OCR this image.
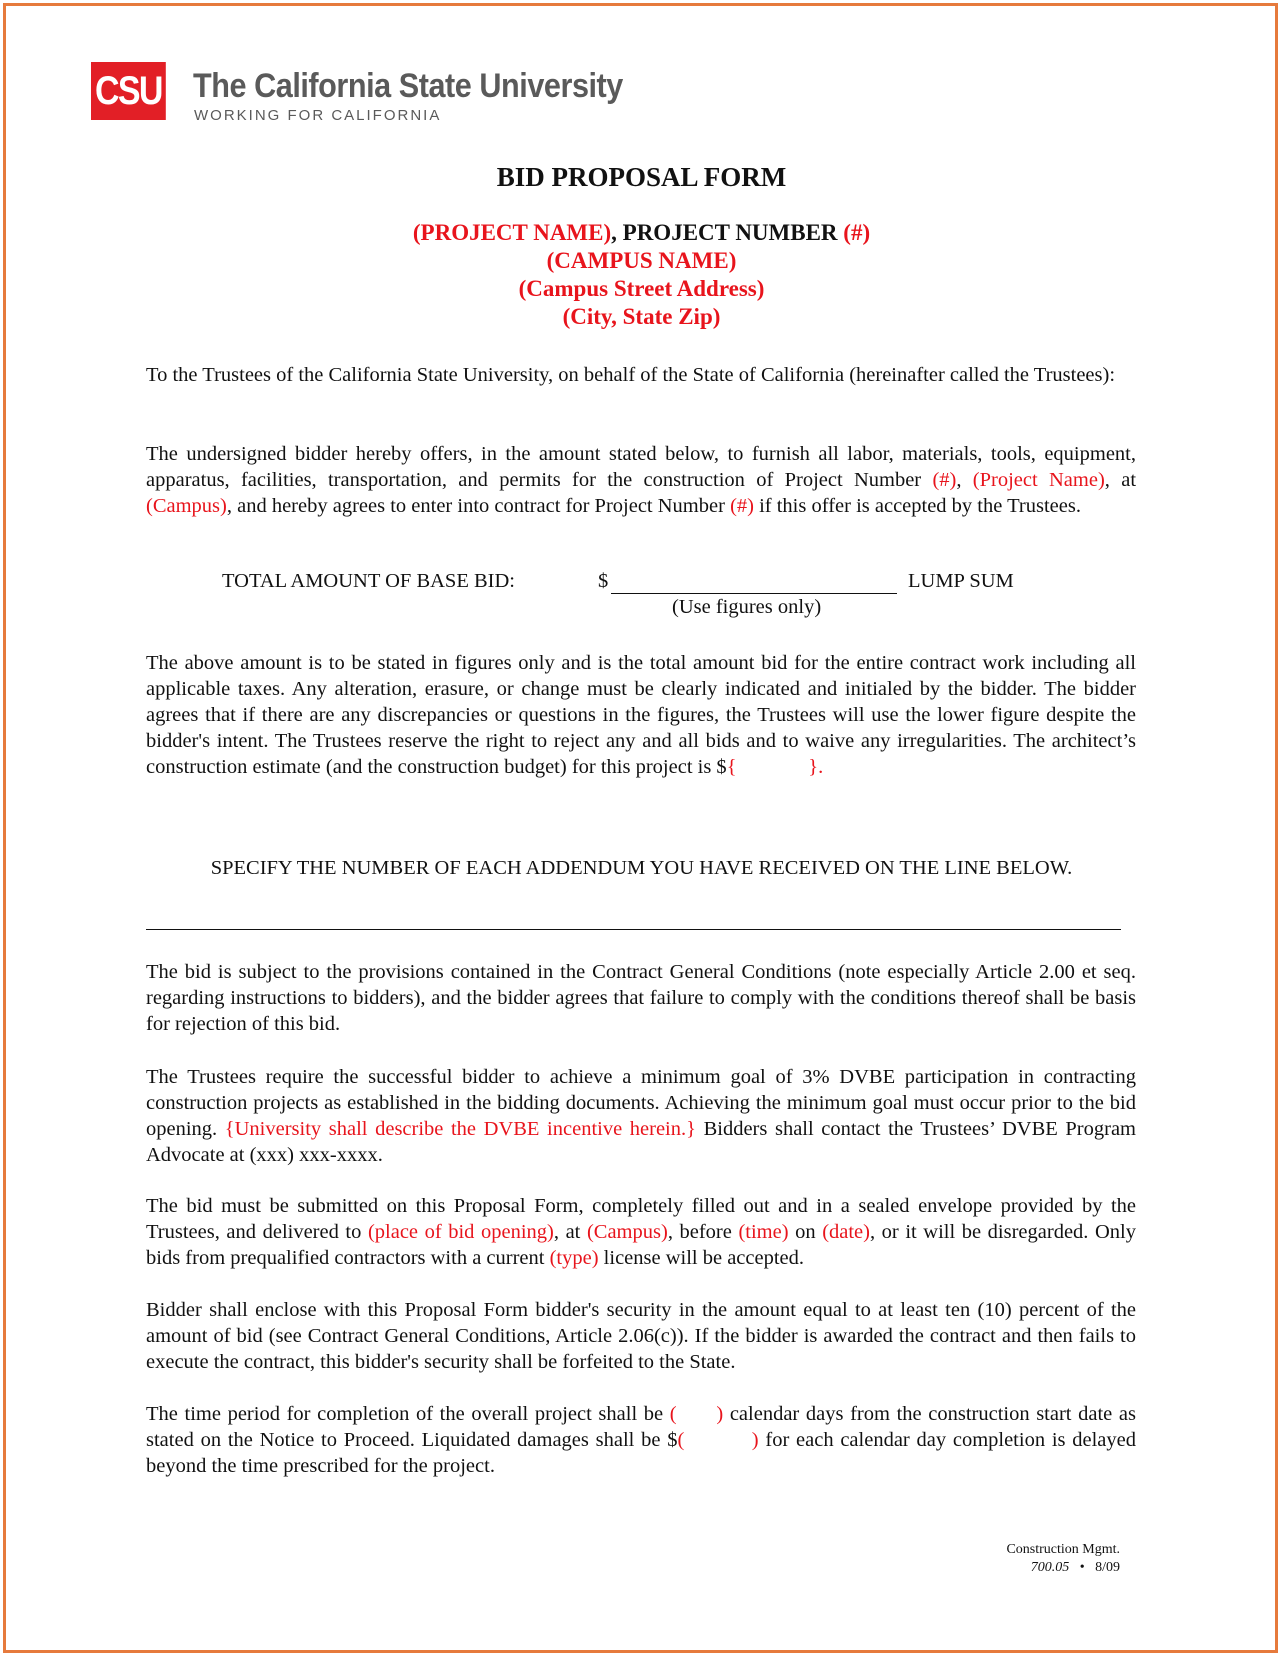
CSU The California State University
WORKING FOR CALIFORNIA
BID PROPOSAL FORM
(PROJECT NAME), PROJECT NUMBER (#)
(CAMPUS NAME)
(Campus Street Address)
(City, State Zip)
To the Trustees of the California State University, on behalf of the State of California (hereinafter called the Trustees):
The undersigned bidder hereby offers, in the amount stated below, to furnish all labor, materials, tools, equipment, apparatus, facilities, transportation, and permits for the construction of Project Number (#), (Project Name), at (Campus), and hereby agrees to enter into contract for Project Number (#) if this offer is accepted by the Trustees.
TOTAL AMOUNT OF BASE BID:	$	LUMP SUM
(Use figures only)
The above amount is to be stated in figures only and is the total amount bid for the entire contract work including all applicable taxes. Any alteration, erasure, or change must be clearly indicated and initialed by the bidder. The bidder agrees that if there are any discrepancies or questions in the figures, the Trustees will use the lower figure despite the bidder's intent. The Trustees reserve the right to reject any and all bids and to waive any irregularities. The architect’s construction estimate (and the construction budget) for this project is ${              }.
SPECIFY THE NUMBER OF EACH ADDENDUM YOU HAVE RECEIVED ON THE LINE BELOW.
The bid is subject to the provisions contained in the Contract General Conditions (note especially Article 2.00 et seq. regarding instructions to bidders), and the bidder agrees that failure to comply with the conditions thereof shall be basis for rejection of this bid.
The Trustees require the successful bidder to achieve a minimum goal of 3% DVBE participation in contracting construction projects as established in the bidding documents. Achieving the minimum goal must occur prior to the bid opening. {University shall describe the DVBE incentive herein.} Bidders shall contact the Trustees’ DVBE Program Advocate at (xxx) xxx-xxxx.
The bid must be submitted on this Proposal Form, completely filled out and in a sealed envelope provided by the Trustees, and delivered to (place of bid opening), at (Campus), before (time) on (date), or it will be disregarded. Only bids from prequalified contractors with a current (type) license will be accepted.
Bidder shall enclose with this Proposal Form bidder's security in the amount equal to at least ten (10) percent of the amount of bid (see Contract General Conditions, Article 2.06(c)). If the bidder is awarded the contract and then fails to execute the contract, this bidder's security shall be forfeited to the State.
The time period for completion of the overall project shall be (      ) calendar days from the construction start date as stated on the Notice to Proceed. Liquidated damages shall be $(          ) for each calendar day completion is delayed beyond the time prescribed for the project.
Construction Mgmt.
700.05 • 8/09
